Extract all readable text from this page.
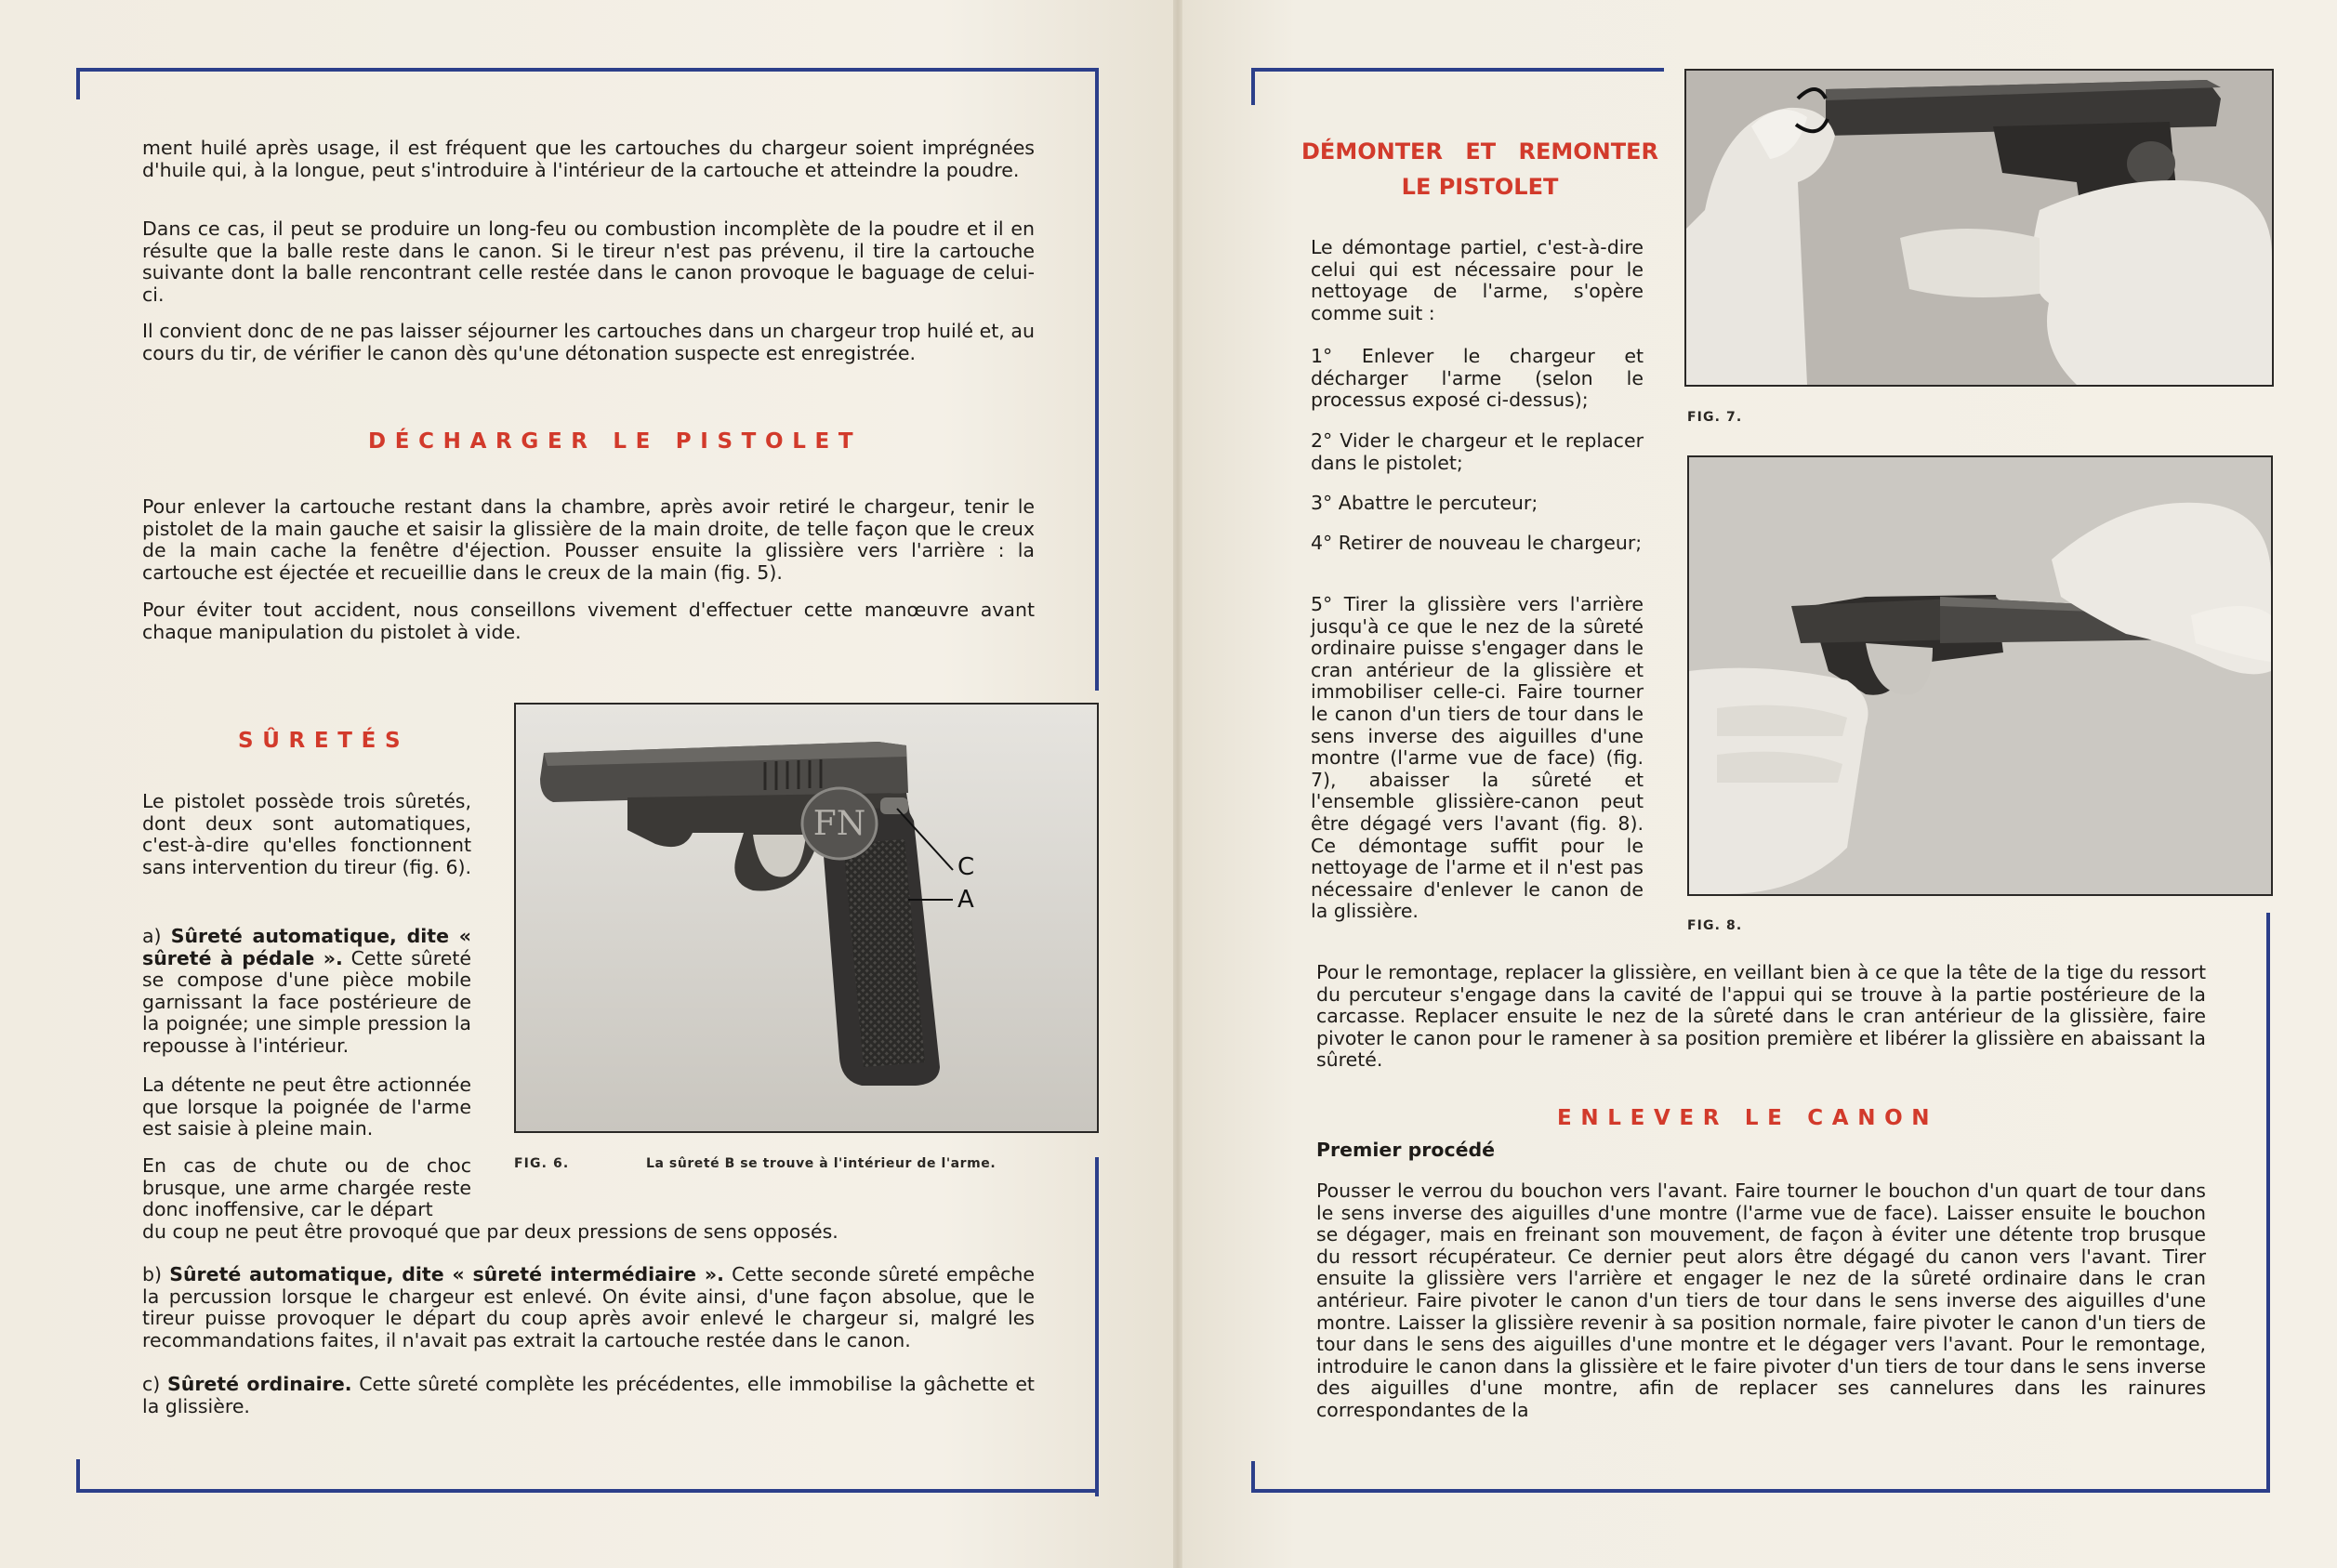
ment huilé après usage, il est fréquent que les cartouches du chargeur soient imprégnées d'huile qui, à la longue, peut s'introduire à l'intérieur de la cartouche et atteindre la poudre.
Dans ce cas, il peut se produire un long-feu ou combustion incomplète de la poudre et il en résulte que la balle reste dans le canon. Si le tireur n'est pas prévenu, il tire la cartouche suivante dont la balle rencontrant celle restée dans le canon provoque le baguage de celui-ci.
Il convient donc de ne pas laisser séjourner les cartouches dans un chargeur trop huilé et, au cours du tir, de vérifier le canon dès qu'une détonation suspecte est enregistrée.
DÉCHARGER LE PISTOLET
Pour enlever la cartouche restant dans la chambre, après avoir retiré le chargeur, tenir le pistolet de la main gauche et saisir la glissière de la main droite, de telle façon que le creux de la main cache la fenêtre d'éjection. Pousser ensuite la glissière vers l'arrière : la cartouche est éjectée et recueillie dans le creux de la main (fig. 5).
Pour éviter tout accident, nous conseillons vivement d'effectuer cette manœuvre avant chaque manipulation du pistolet à vide.
SÛRETÉS
Le pistolet possède trois sûretés, dont deux sont automatiques, c'est-à-dire qu'elles fonctionnent sans intervention du tireur (fig. 6).
a) Sûreté automatique, dite « sûreté à pédale ». Cette sûreté se compose d'une pièce mobile garnissant la face postérieure de la poignée; une simple pression la repousse à l'intérieur.
La détente ne peut être actionnée que lorsque la poignée de l'arme est saisie à pleine main.
En cas de chute ou de choc brusque, une arme chargée reste donc inoffensive, car le départ
du coup ne peut être provoqué que par deux pressions de sens opposés.
b) Sûreté automatique, dite « sûreté intermédiaire ». Cette seconde sûreté empêche la percussion lorsque le chargeur est enlevé. On évite ainsi, d'une façon absolue, que le tireur puisse provoquer le départ du coup après avoir enlevé le chargeur si, malgré les recommandations faites, il n'avait pas extrait la cartouche restée dans le canon.
c) Sûreté ordinaire. Cette sûreté complète les précédentes, elle immobilise la gâchette et la glissière.
FN
C
A
FIG. 6.	La sûreté B se trouve à l'intérieur de l'arme.
DÉMONTER ET REMONTER
LE PISTOLET
Le démontage partiel, c'est-à-dire celui qui est nécessaire pour le nettoyage de l'arme, s'opère comme suit :
1° Enlever le chargeur et décharger l'arme (selon le processus exposé ci-dessus);
2° Vider le chargeur et le replacer dans le pistolet;
3° Abattre le percuteur;
4° Retirer de nouveau le chargeur;
5° Tirer la glissière vers l'arrière jusqu'à ce que le nez de la sûreté ordinaire puisse s'engager dans le cran antérieur de la glissière et immobiliser celle-ci. Faire tourner le canon d'un tiers de tour dans le sens inverse des aiguilles d'une montre (l'arme vue de face) (fig. 7), abaisser la sûreté et l'ensemble glissière-canon peut être dégagé vers l'avant (fig. 8). Ce démontage suffit pour le nettoyage de l'arme et il n'est pas nécessaire d'enlever le canon de la glissière.
FIG. 7.
FIG. 8.
Pour le remontage, replacer la glissière, en veillant bien à ce que la tête de la tige du ressort du percuteur s'engage dans la cavité de l'appui qui se trouve à la partie postérieure de la carcasse. Replacer ensuite le nez de la sûreté dans le cran antérieur de la glissière, faire pivoter le canon pour le ramener à sa position première et libérer la glissière en abaissant la sûreté.
ENLEVER LE CANON
Premier procédé
Pousser le verrou du bouchon vers l'avant. Faire tourner le bouchon d'un quart de tour dans le sens inverse des aiguilles d'une montre (l'arme vue de face). Laisser ensuite le bouchon se dégager, mais en freinant son mouvement, de façon à éviter une détente trop brusque du ressort récupérateur. Ce dernier peut alors être dégagé du canon vers l'avant. Tirer ensuite la glissière vers l'arrière et engager le nez de la sûreté ordinaire dans le cran antérieur. Faire pivoter le canon d'un tiers de tour dans le sens inverse des aiguilles d'une montre. Laisser la glissière revenir à sa position normale, faire pivoter le canon d'un tiers de tour dans le sens des aiguilles d'une montre et le dégager vers l'avant. Pour le remontage, introduire le canon dans la glissière et le faire pivoter d'un tiers de tour dans le sens inverse des aiguilles d'une montre, afin de replacer ses cannelures dans les rainures correspondantes de la
